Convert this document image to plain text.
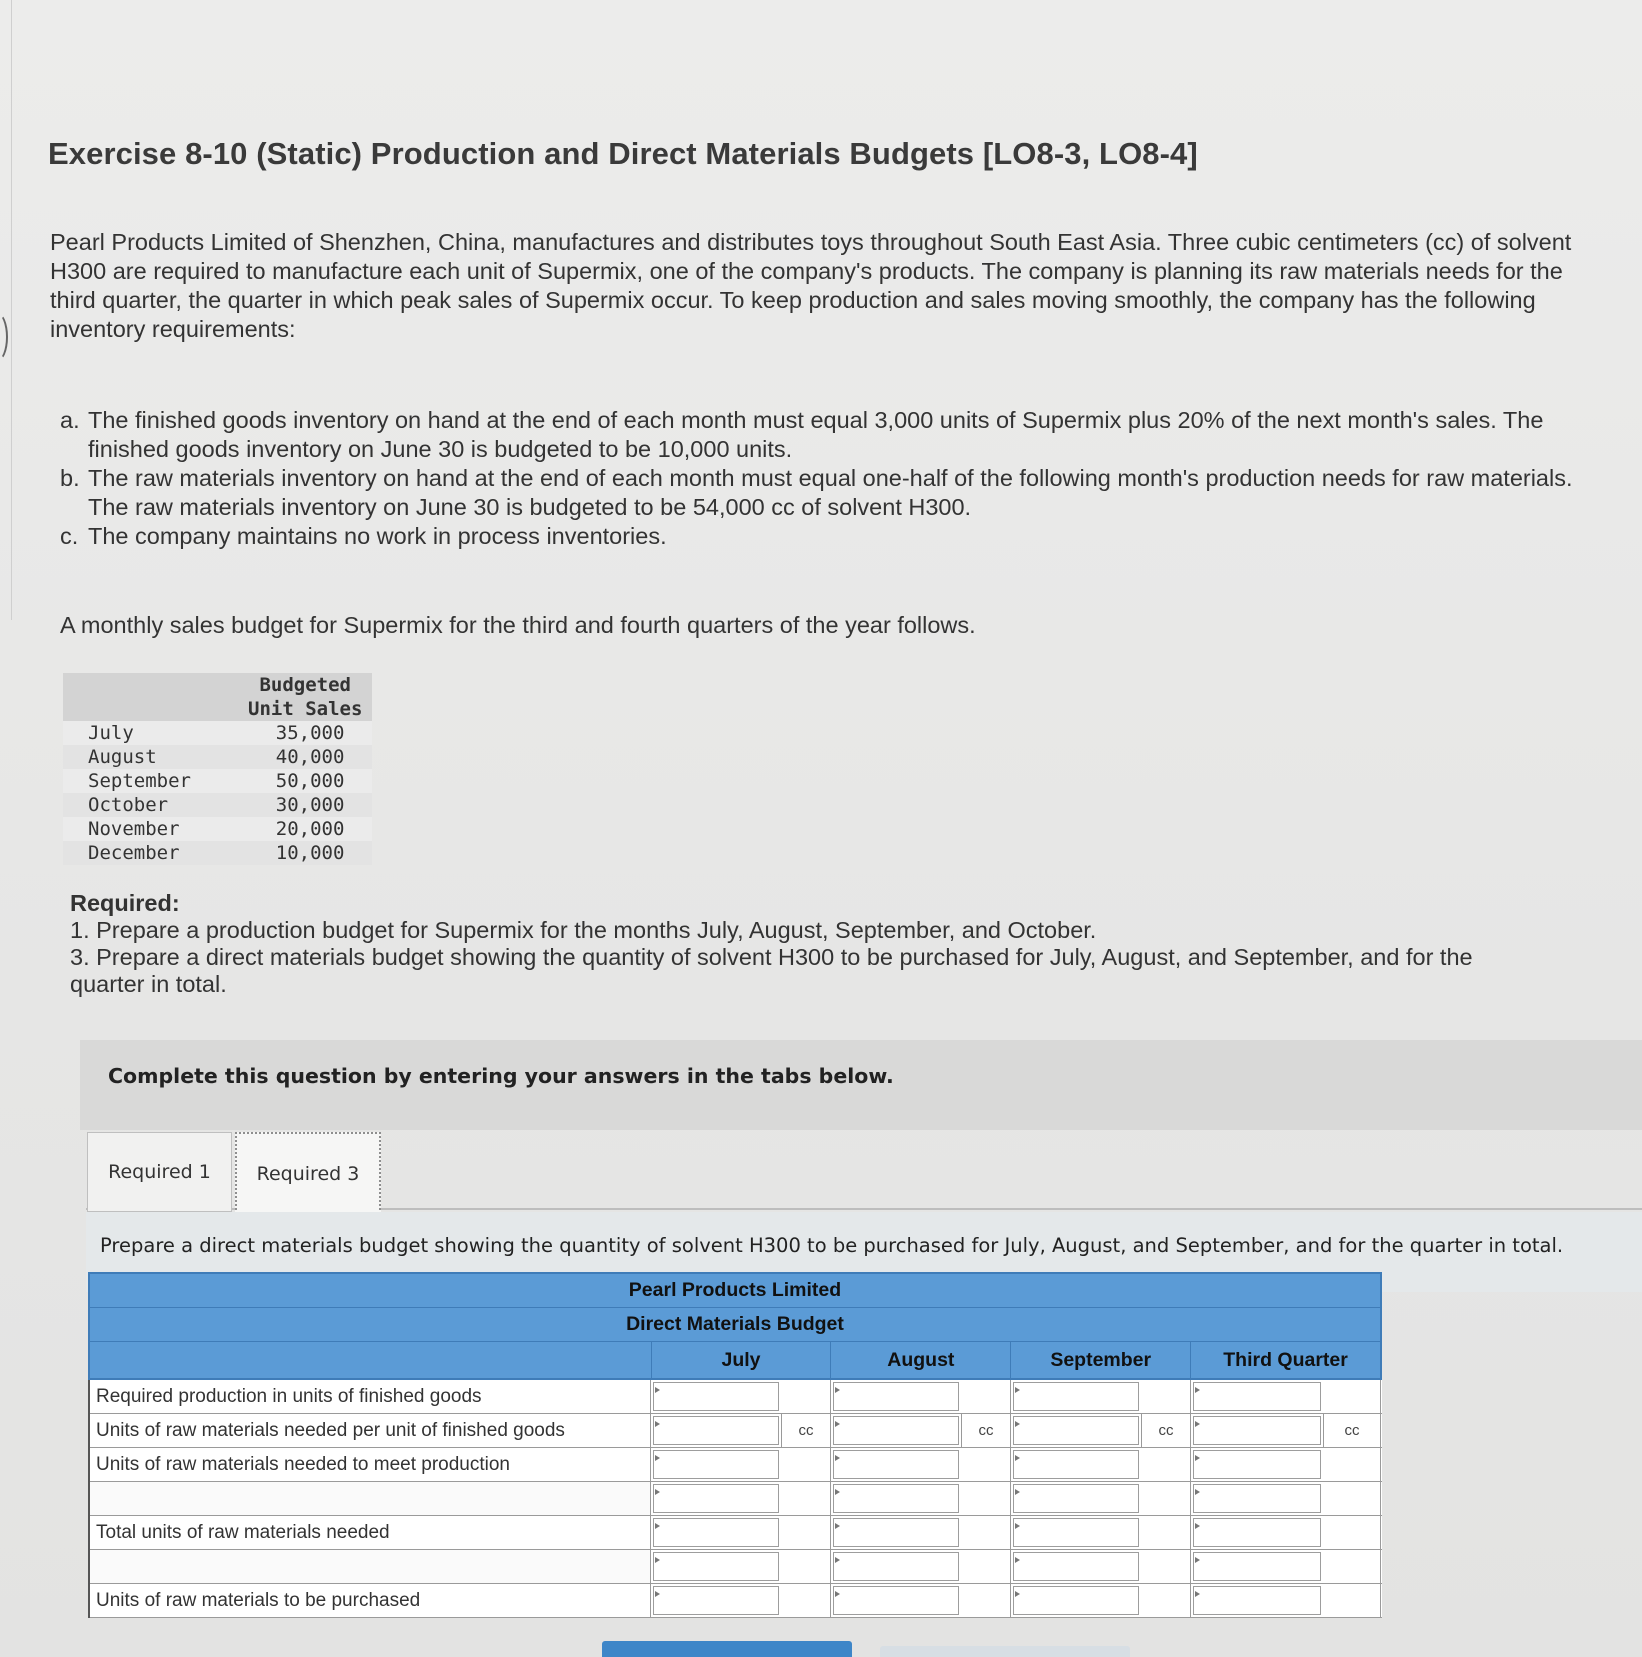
Exercise 8-10 (Static) Production and Direct Materials Budgets [LO8-3, LO8-4]

Pearl Products Limited of Shenzhen, China, manufactures and distributes toys throughout South East Asia. Three cubic centimeters (cc) of solvent H300 are required to manufacture each unit of Supermix, one of the company's products. The company is planning its raw materials needs for the third quarter, the quarter in which peak sales of Supermix occur. To keep production and sales moving smoothly, the company has the following inventory requirements:

a. The finished goods inventory on hand at the end of each month must equal 3,000 units of Supermix plus 20% of the next month's sales. The finished goods inventory on June 30 is budgeted to be 10,000 units.
b. The raw materials inventory on hand at the end of each month must equal one-half of the following month's production needs for raw materials. The raw materials inventory on June 30 is budgeted to be 54,000 cc of solvent H300.
c. The company maintains no work in process inventories.

A monthly sales budget for Supermix for the third and fourth quarters of the year follows.

	Budgeted
Unit Sales
July	35,000
August	40,000
September	50,000
October	30,000
November	20,000
December	10,000
Required:
1. Prepare a production budget for Supermix for the months July, August, September, and October.
3. Prepare a direct materials budget showing the quantity of solvent H300 to be purchased for July, August, and September, and for the quarter in total.
Complete this question by entering your answers in the tabs below.
Required 1	Required 3
Prepare a direct materials budget showing the quantity of solvent H300 to be purchased for July, August, and September, and for the quarter in total.
Pearl Products Limited
Direct Materials Budget
July	August	September	Third Quarter
Required production in units of finished goods
Units of raw materials needed per unit of finished goods	cc	cc	cc	cc
Units of raw materials needed to meet production
Total units of raw materials needed
Units of raw materials to be purchased
